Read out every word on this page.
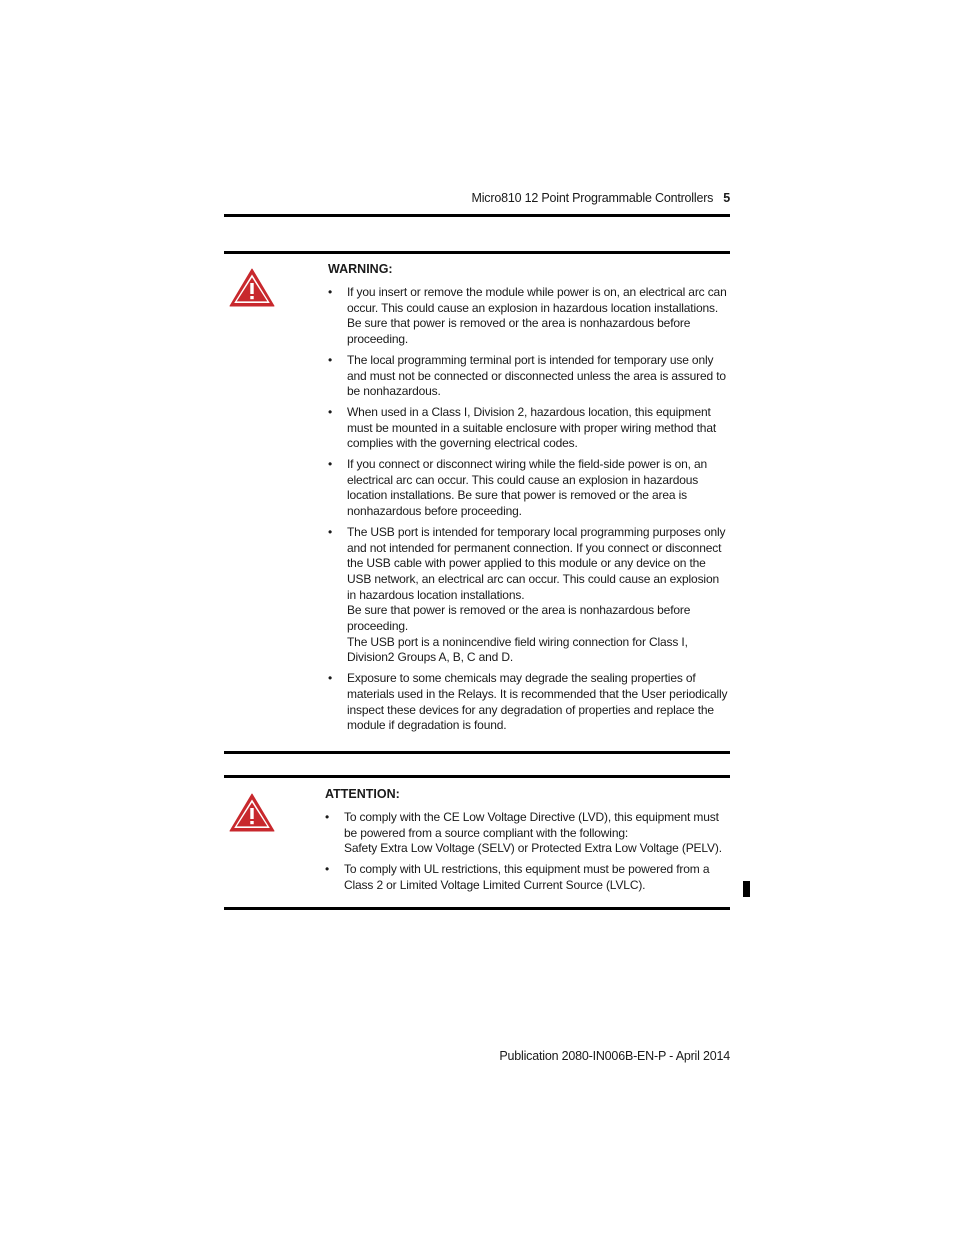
Micro810 12 Point Programmable Controllers 5
WARNING:
• If you insert or remove the module while power is on, an electrical arc can occur. This could cause an explosion in hazardous location installations.
Be sure that power is removed or the area is nonhazardous before proceeding.
• The local programming terminal port is intended for temporary use only and must not be connected or disconnected unless the area is assured to be nonhazardous.
• When used in a Class I, Division 2, hazardous location, this equipment must be mounted in a suitable enclosure with proper wiring method that complies with the governing electrical codes.
• If you connect or disconnect wiring while the field-side power is on, an electrical arc can occur. This could cause an explosion in hazardous location installations. Be sure that power is removed or the area is nonhazardous before proceeding.
• The USB port is intended for temporary local programming purposes only and not intended for permanent connection. If you connect or disconnect the USB cable with power applied to this module or any device on the USB network, an electrical arc can occur. This could cause an explosion in hazardous location installations.
Be sure that power is removed or the area is nonhazardous before proceeding.
The USB port is a nonincendive field wiring connection for Class I, Division2 Groups A, B, C and D.
• Exposure to some chemicals may degrade the sealing properties of materials used in the Relays. It is recommended that the User periodically inspect these devices for any degradation of properties and replace the module if degradation is found.
ATTENTION:
• To comply with the CE Low Voltage Directive (LVD), this equipment must be powered from a source compliant with the following:
Safety Extra Low Voltage (SELV) or Protected Extra Low Voltage (PELV).
• To comply with UL restrictions, this equipment must be powered from a Class 2 or Limited Voltage Limited Current Source (LVLC).
Publication 2080-IN006B-EN-P - April 2014
